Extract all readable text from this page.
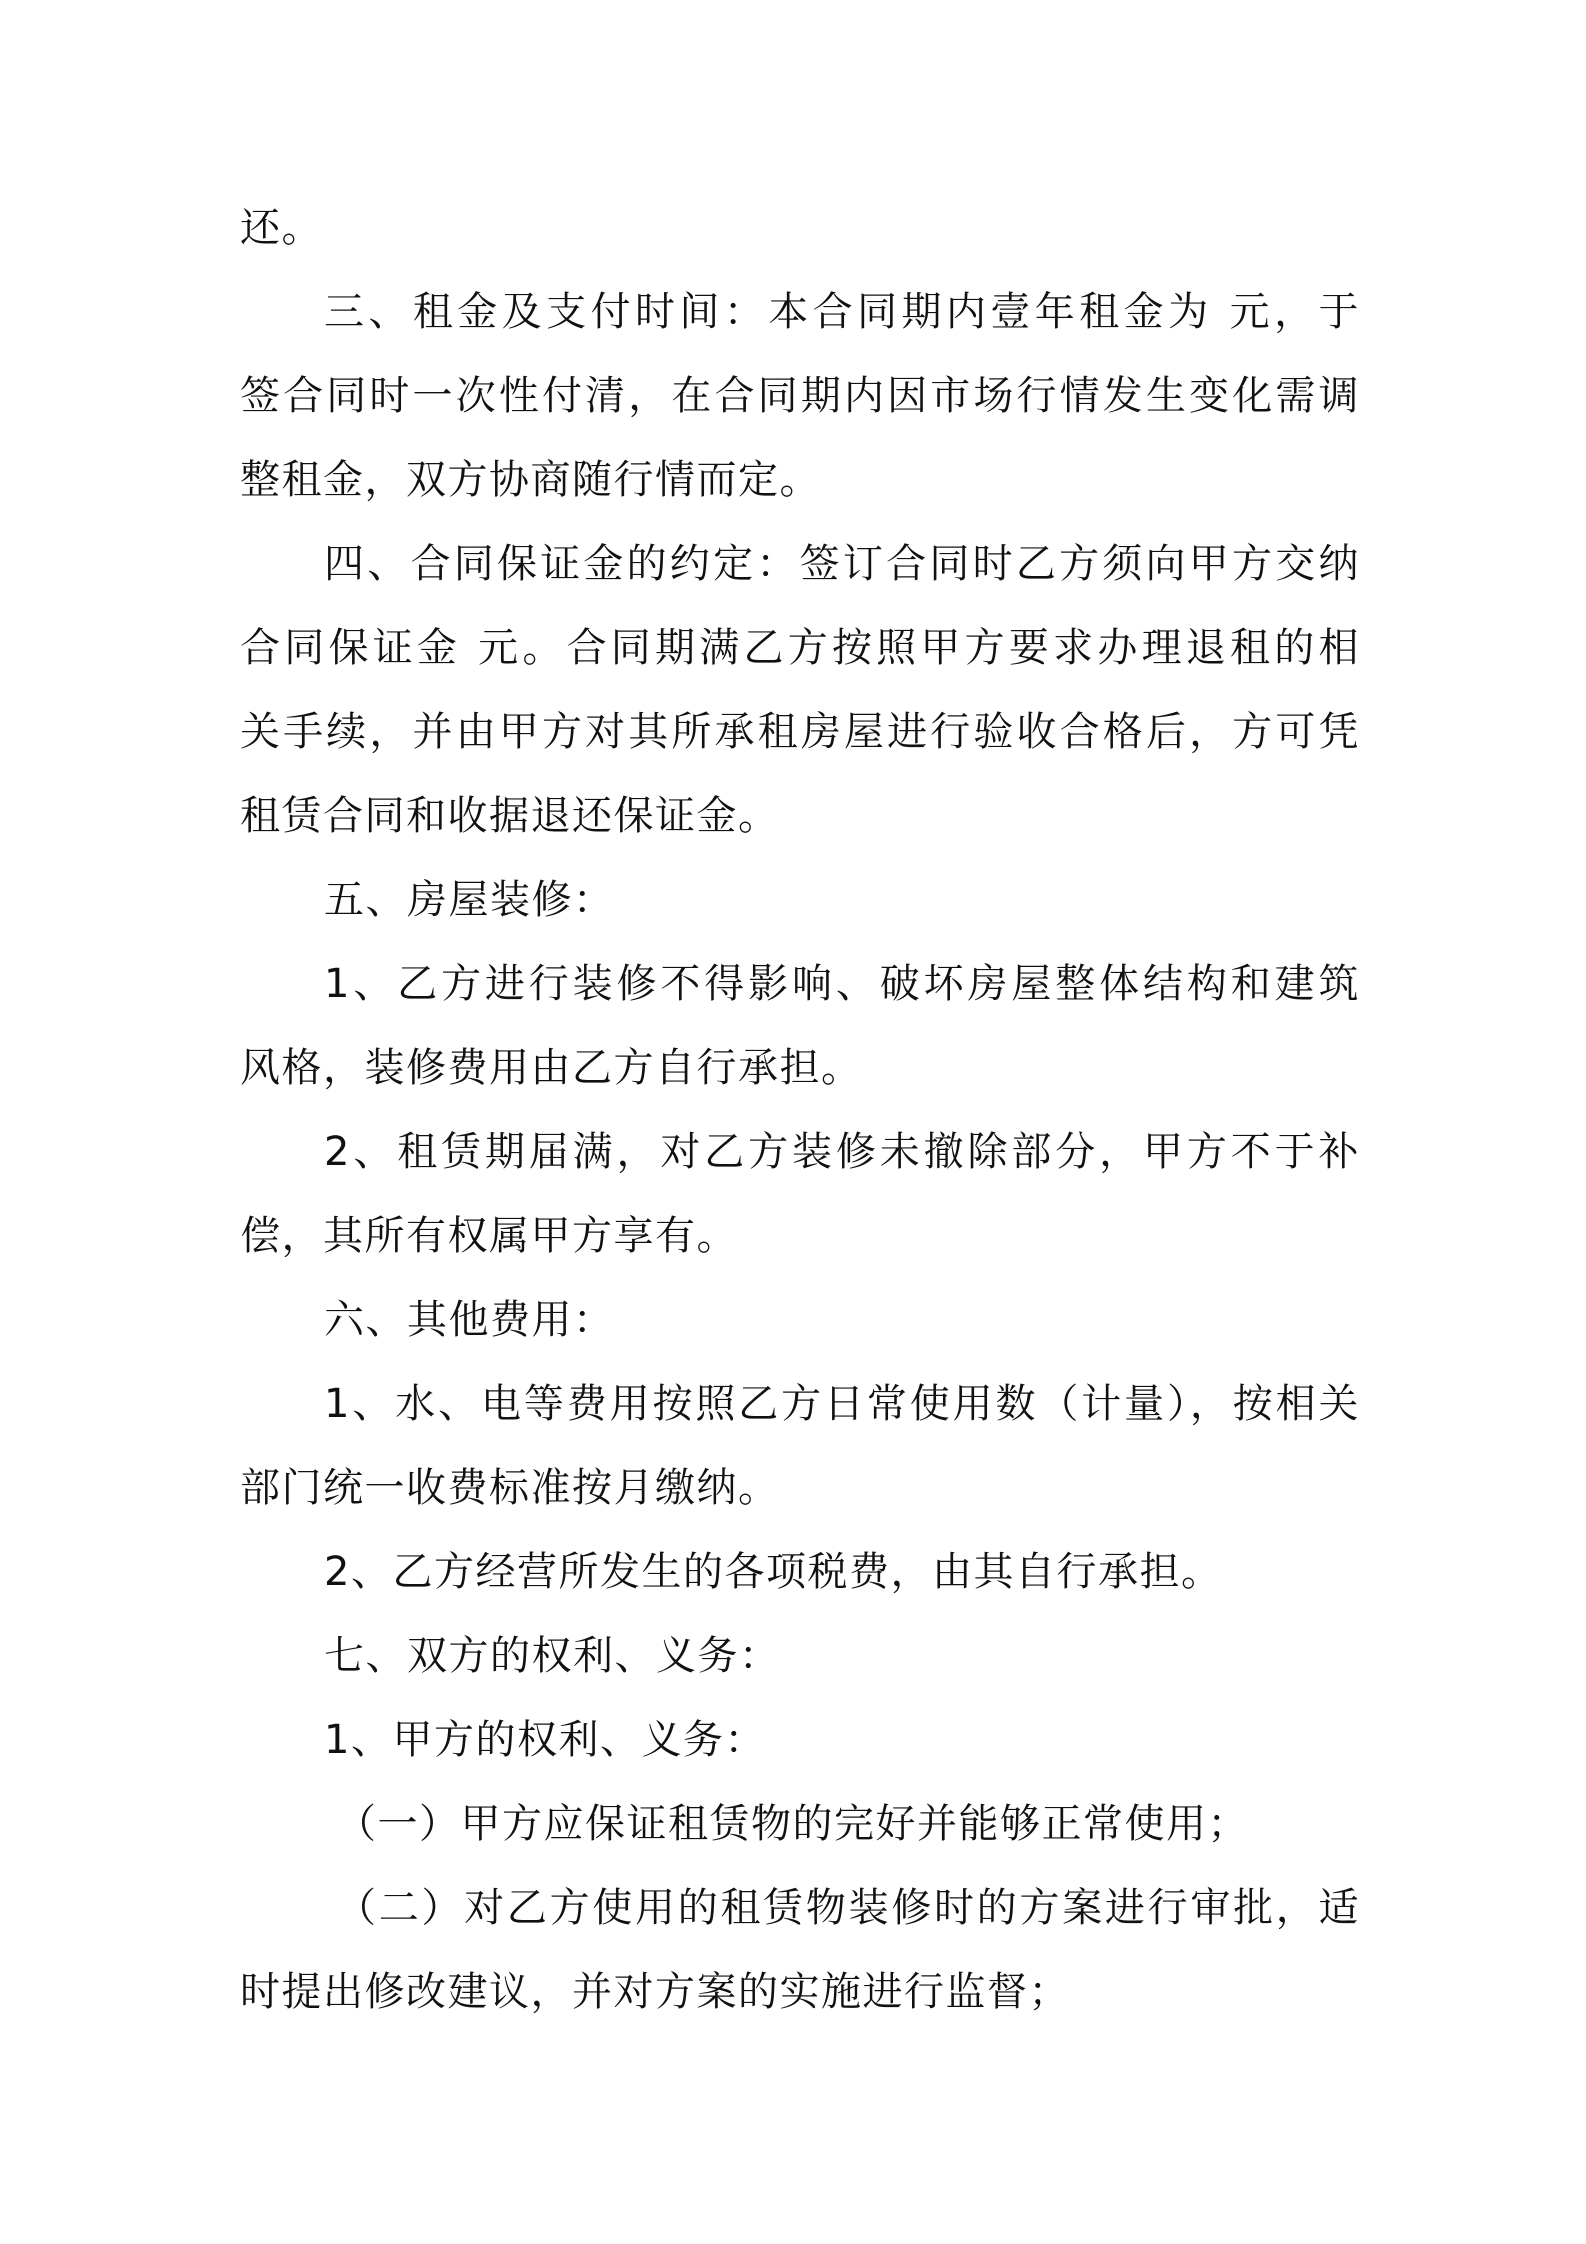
还。
三、租金及支付时间：本合同期内壹年租金为 元，于
签合同时一次性付清，在合同期内因市场行情发生变化需调
整租金，双方协商随行情而定。
四、合同保证金的约定：签订合同时乙方须向甲方交纳
合同保证金 元。合同期满乙方按照甲方要求办理退租的相
关手续，并由甲方对其所承租房屋进行验收合格后，方可凭
租赁合同和收据退还保证金。
五、房屋装修：
1、乙方进行装修不得影响、破坏房屋整体结构和建筑
风格，装修费用由乙方自行承担。
2、租赁期届满，对乙方装修未撤除部分，甲方不于补
偿，其所有权属甲方享有。
六、其他费用：
1、水、电等费用按照乙方日常使用数（计量），按相关
部门统一收费标准按月缴纳。
2、乙方经营所发生的各项税费，由其自行承担。
七、双方的权利、义务：
1、甲方的权利、义务：
（一）甲方应保证租赁物的完好并能够正常使用；
（二）对乙方使用的租赁物装修时的方案进行审批，适
时提出修改建议，并对方案的实施进行监督；
